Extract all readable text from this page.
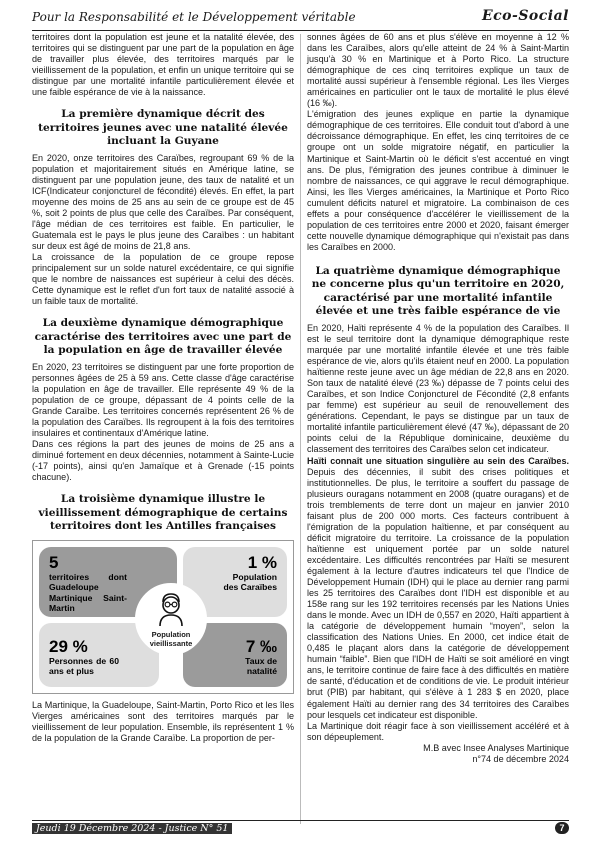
Pour la Responsabilité et le Développement véritable	Eco-Social

territoires dont la population est jeune et la natalité élevée, des territoires qui se distinguent par une part de la population en âge de travailler plus élevée, des territoires marqués par le vieillissement de la population, et enfin un unique territoire qui se distingue par une mortalité infantile particulièrement élevée et une faible espérance de vie à la naissance.

La première dynamique décrit des territoires jeunes avec une natalité élevée incluant la Guyane

En 2020, onze territoires des Caraïbes, regroupant 69 % de la population et majoritairement situés en Amérique latine, se distinguent par une population jeune, des taux de natalité et un ICF(Indicateur conjoncturel de fécondité) élevés. En effet, la part moyenne des moins de 25 ans au sein de ce groupe est de 45 %, soit 2 points de plus que celle des Caraïbes. Par conséquent, l'âge médian de ces territoires est faible. En particulier, le Guatemala est le pays le plus jeune des Caraïbes : un habitant sur deux est âgé de moins de 21,8 ans.

La croissance de la population de ce groupe repose principalement sur un solde naturel excédentaire, ce qui signifie que le nombre de naissances est supérieur à celui des décès. Cette dynamique est le reflet d'un fort taux de natalité associé à un faible taux de mortalité.

La deuxième dynamique démographique caractérise des territoires avec une part de la population en âge de travailler élevée

En 2020, 23 territoires se distinguent par une forte proportion de personnes âgées de 25 à 59 ans. Cette classe d'âge caractérise la population en âge de travailler. Elle représente 49 % de la population de ce groupe, dépassant de 4 points celle de la Grande Caraïbe. Les territoires concernés représentent 26 % de la population des Caraïbes. Ils regroupent à la fois des territoires insulaires et continentaux d'Amérique latine.

Dans ces régions la part des jeunes de moins de 25 ans a diminué fortement en deux décennies, notamment à Sainte-Lucie (-17 points), ainsi qu'en Jamaïque et à Grenade (-15 points chacune).

La troisième dynamique illustre le vieillissement démographique de certains territoires dont les Antilles françaises
5
territoires dont Guadeloupe Martinique Saint-Martin
1 %
Population des Caraïbes
29 %
Personnes de 60 ans et plus
7 ‰
Taux de natalité
Population vieillissante

La Martinique, la Guadeloupe, Saint-Martin, Porto Rico et les îles Vierges américaines sont des territoires marqués par le vieillissement de leur population. Ensemble, ils représentent 1 % de la population de la Grande Caraïbe. La proportion de per-

sonnes âgées de 60 ans et plus s'élève en moyenne à 12 % dans les Caraïbes, alors qu'elle atteint de 24 % à Saint-Martin jusqu'à 30 % en Martinique et à Porto Rico. La structure démographique de ces cinq territoires explique un taux de mortalité aussi supérieur à l'ensemble régional. Les îles Vierges américaines en particulier ont le taux de mortalité le plus élevé (16 ‰).

L'émigration des jeunes explique en partie la dynamique démographique de ces territoires. Elle conduit tout d'abord à une décroissance démographique. En effet, les cinq territoires de ce groupe ont un solde migratoire négatif, en particulier la Martinique et Saint-Martin où le déficit s'est accentué en vingt ans. De plus, l'émigration des jeunes contribue à diminuer le nombre de naissances, ce qui aggrave le recul démographique. Ainsi, les îles Vierges américaines, la Martinique et Porto Rico cumulent déficits naturel et migratoire. La combinaison de ces effets a pour conséquence d'accélérer le vieillissement de la population de ces territoires entre 2000 et 2020, faisant émerger cette nouvelle dynamique démographique qui n'existait pas dans les Caraïbes en 2000.

La quatrième dynamique démographique ne concerne plus qu'un territoire en 2020, caractérisé par une mortalité infantile élevée et une très faible espérance de vie

En 2020, Haïti représente 4 % de la population des Caraïbes. Il est le seul territoire dont la dynamique démographique reste marquée par une mortalité infantile élevée et une très faible espérance de vie, alors qu'ils étaient neuf en 2000. La population haïtienne reste jeune avec un âge médian de 22,8 ans en 2020. Son taux de natalité élevé (23 ‰) dépasse de 7 points celui des Caraïbes, et son Indice Conjoncturel de Fécondité (2,8 enfants par femme) est supérieur au seuil de renouvellement des générations. Cependant, le pays se distingue par un taux de mortalité infantile particulièrement élevé (47 ‰), dépassant de 20 points celui de la République dominicaine, deuxième du classement des territoires des Caraïbes selon cet indicateur.

Haïti connaît une situation singulière au sein des Caraïbes. Depuis des décennies, il subit des crises politiques et institutionnelles. De plus, le territoire a souffert du passage de plusieurs ouragans notamment en 2008 (quatre ouragans) et de trois tremblements de terre dont un majeur en janvier 2010 faisant plus de 200 000 morts. Ces facteurs contribuent à l'émigration de la population haïtienne, et par conséquent au déficit migratoire du territoire. La croissance de la population haïtienne est uniquement portée par un solde naturel excédentaire. Les difficultés rencontrées par Haïti se mesurent également à la lecture d'autres indicateurs tel que l'Indice de Développement Humain (IDH) qui le place au dernier rang parmi les 25 territoires des Caraïbes dont l'IDH est disponible et au 158e rang sur les 192 territoires recensés par les Nations Unies dans le monde. Avec un IDH de 0,557 en 2020, Haïti appartient à la catégorie de développement humain “moyen”, selon la classification des Nations Unies. En 2000, cet indice était de 0,485 le plaçant alors dans la catégorie de développement humain “faible”. Bien que l'IDH de Haïti se soit amélioré en vingt ans, le territoire continue de faire face à des difficultés en matière de santé, d'éducation et de conditions de vie. Le produit intérieur brut (PIB) par habitant, qui s'élève à 1 283 $ en 2020, place également Haïti au dernier rang des 34 territoires des Caraïbes pour lesquels cet indicateur est disponible.

La Martinique doit réagir face à son vieillissement accéléré et à son dépeuplement.

M.B avec Insee Analyses Martinique

n°74 de décembre 2024

Jeudi 19 Décembre 2024 - Justice N° 51	7
